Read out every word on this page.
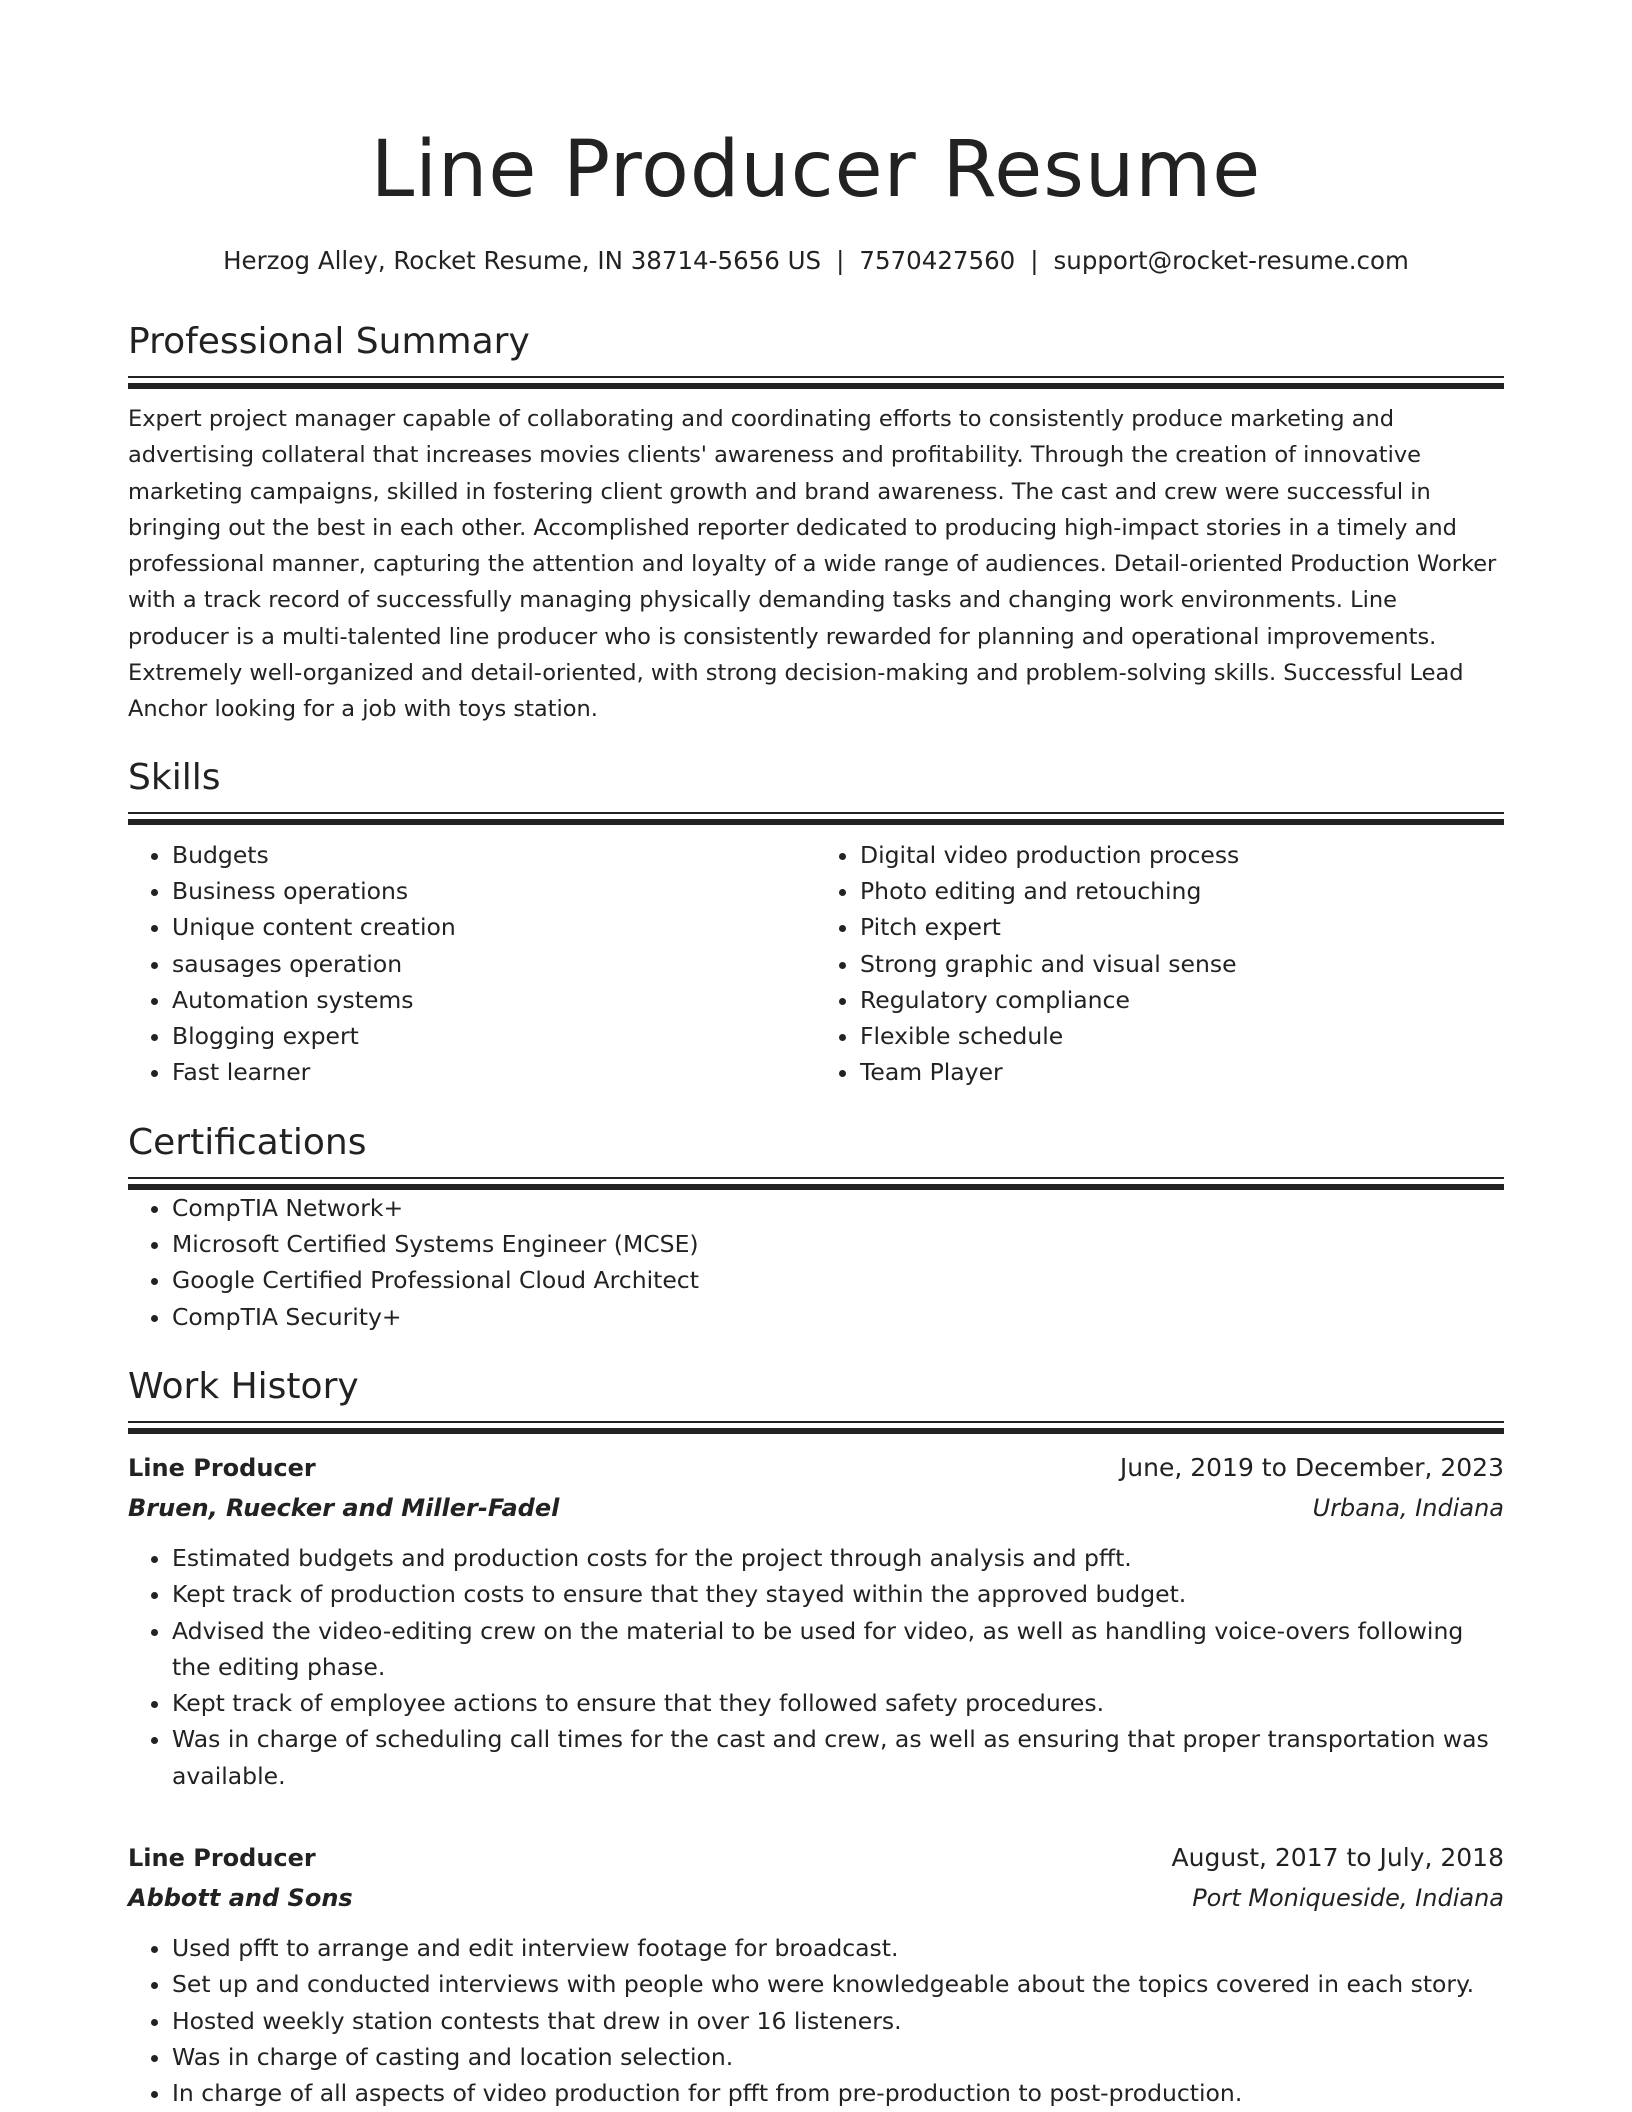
Line Producer Resume
Herzog Alley, Rocket Resume, IN 38714-5656 US | 7570427560 | support@rocket-resume.com
Professional Summary

Expert project manager capable of collaborating and coordinating efforts to consistently produce marketing and advertising collateral that increases movies clients' awareness and profitability. Through the creation of innovative marketing campaigns, skilled in fostering client growth and brand awareness. The cast and crew were successful in bringing out the best in each other. Accomplished reporter dedicated to producing high-impact stories in a timely and professional manner, capturing the attention and loyalty of a wide range of audiences. Detail-oriented Production Worker with a track record of successfully managing physically demanding tasks and changing work environments. Line producer is a multi-talented line producer who is consistently rewarded for planning and operational improvements. Extremely well-organized and detail-oriented, with strong decision-making and problem-solving skills. Successful Lead Anchor looking for a job with toys station.

Skills
• Budgets
• Business operations
• Unique content creation
• sausages operation
• Automation systems
• Blogging expert
• Fast learner
• Digital video production process
• Photo editing and retouching
• Pitch expert
• Strong graphic and visual sense
• Regulatory compliance
• Flexible schedule
• Team Player
Certifications
• CompTIA Network+
• Microsoft Certified Systems Engineer (MCSE)
• Google Certified Professional Cloud Architect
• CompTIA Security+
Work History
Line Producer	June, 2019 to December, 2023
Bruen, Ruecker and Miller-Fadel	Urbana, Indiana
• Estimated budgets and production costs for the project through analysis and pfft.
• Kept track of production costs to ensure that they stayed within the approved budget.
• Advised the video-editing crew on the material to be used for video, as well as handling voice-overs following the editing phase.
• Kept track of employee actions to ensure that they followed safety procedures.
• Was in charge of scheduling call times for the cast and crew, as well as ensuring that proper transportation was available.
Line Producer	August, 2017 to July, 2018
Abbott and Sons	Port Moniqueside, Indiana
• Used pfft to arrange and edit interview footage for broadcast.
• Set up and conducted interviews with people who were knowledgeable about the topics covered in each story.
• Hosted weekly station contests that drew in over 16 listeners.
• Was in charge of casting and location selection.
• In charge of all aspects of video production for pfft from pre-production to post-production.
